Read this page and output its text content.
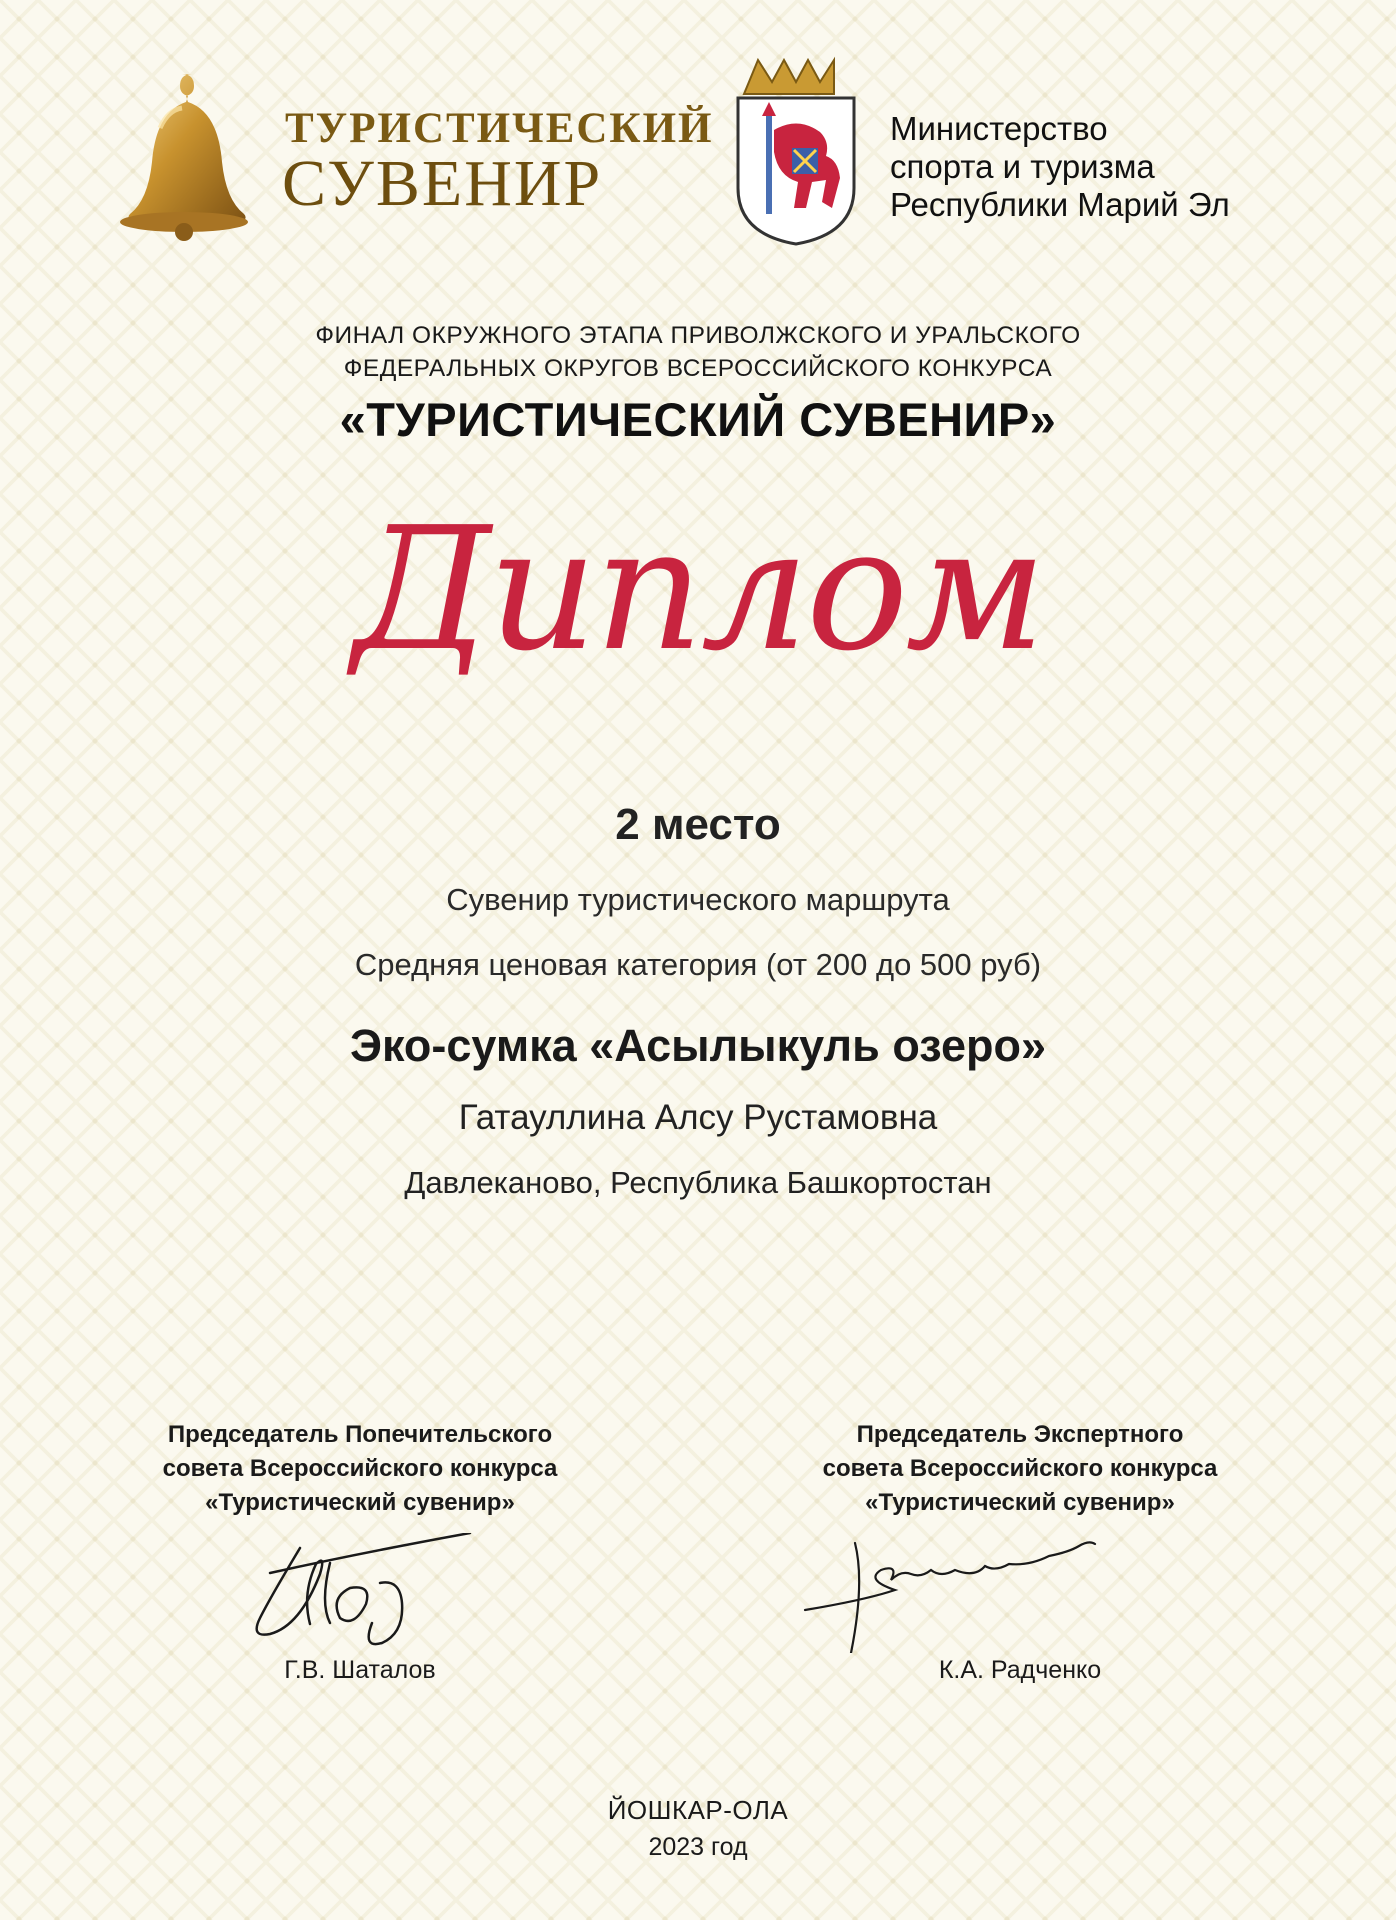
ТУРИСТИЧЕСКИЙ
СУВЕНИР
Министерство
спорта и туризма
Республики Марий Эл
ФИНАЛ ОКРУЖНОГО ЭТАПА ПРИВОЛЖСКОГО И УРАЛЬСКОГО
ФЕДЕРАЛЬНЫХ ОКРУГОВ ВСЕРОССИЙСКОГО КОНКУРСА
«ТУРИСТИЧЕСКИЙ СУВЕНИР»
Диплом
2 место
Сувенир туристического маршрута
Средняя ценовая категория (от 200 до 500 руб)
Эко-сумка «Асылыкуль озеро»
Гатауллина Алсу Рустамовна
Давлеканово, Республика Башкортостан
Председатель Попечительского
совета Всероссийского конкурса
«Туристический сувенир»
Г.В. Шаталов
Председатель Экспертного
совета Всероссийского конкурса
«Туристический сувенир»
К.А. Радченко
ЙОШКАР-ОЛА
2023 год
